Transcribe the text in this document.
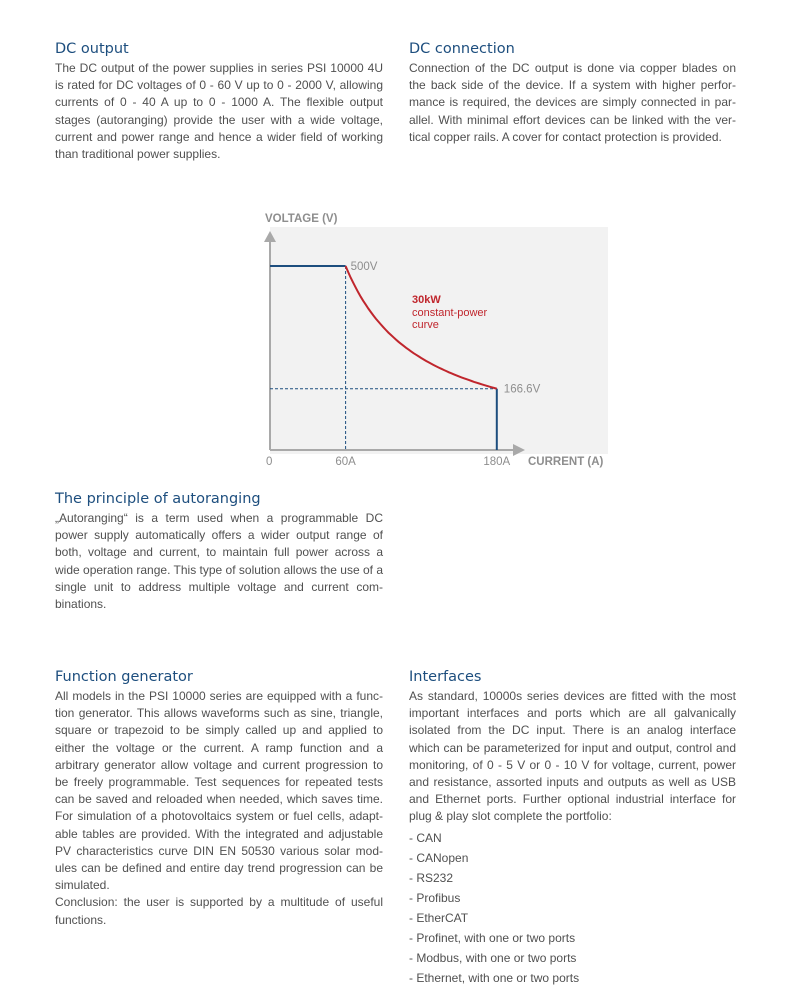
DC output

The DC output of the power supplies in series PSI 10000 4U is rated for DC voltages of 0 - 60 V up to 0 - 2000 V, allowing currents of 0 - 40 A up to 0 - 1000 A. The flexible output stages (autoranging) provide the user with a wide voltage, current and power range and hence a wider field of working than traditional power supplies.

DC connection

Connection of the DC output is done via copper blades on the back side of the device. If a system with higher performance is required, the devices are simply connected in parallel. With minimal effort devices can be linked with the vertical copper rails. A cover for contact protection is provided.

VOLTAGE (V)
CURRENT (A)
0	60A	180A
500V
166.6V
30kW
constant-power
curve
The principle of autoranging

„Autoranging“ is a term used when a programmable DC power supply automatically offers a wider output range of both, voltage and current, to maintain full power across a wide operation range. This type of solution allows the use of a single unit to address multiple voltage and current combinations.

Function generator

All models in the PSI 10000 series are equipped with a function generator. This allows waveforms such as sine, triangle, square or trapezoid to be simply called up and applied to either the voltage or the current. A ramp function and a arbitrary generator allow voltage and current progression to be freely programmable. Test sequences for repeated tests can be saved and reloaded when needed, which saves time. For simulation of a photovoltaics system or fuel cells, adaptable tables are provided. With the integrated and adjustable PV characteristics curve DIN EN 50530 various solar modules can be defined and entire day trend progression can be simulated.

Conclusion: the user is supported by a multitude of useful functions.

Interfaces

As standard, 10000s series devices are fitted with the most important interfaces and ports which are all galvanically isolated from the DC input. There is an analog interface which can be parameterized for input and output, control and monitoring, of 0 - 5 V or 0 - 10 V for voltage, current, power and resistance, assorted inputs and outputs as well as USB and Ethernet ports. Further optional industrial interface for plug & play slot complete the portfolio:

- CAN
- CANopen
- RS232
- Profibus
- EtherCAT
- Profinet, with one or two ports
- Modbus, with one or two ports
- Ethernet, with one or two ports
